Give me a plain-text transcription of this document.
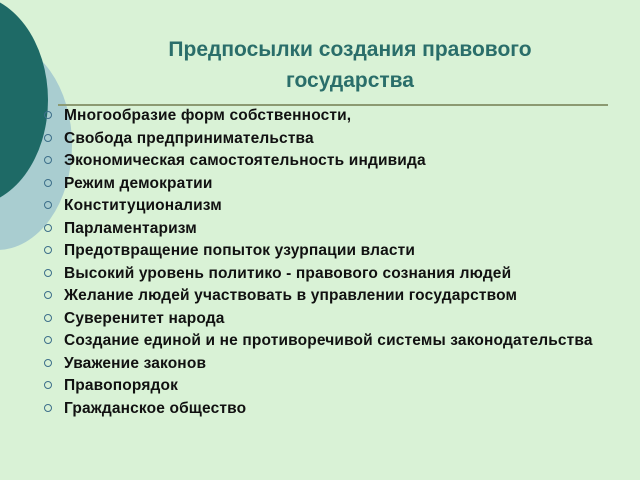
Предпосылки создания правового
государства
Многообразие форм собственности,
Свобода предпринимательства
Экономическая самостоятельность индивида
Режим демократии
Конституционализм
Парламентаризм
Предотвращение попыток узурпации власти
Высокий уровень политико - правового сознания людей
Желание людей участвовать в управлении государством
Суверенитет народа
Создание единой и не противоречивой системы законодательства
Уважение законов
Правопорядок
Гражданское общество
